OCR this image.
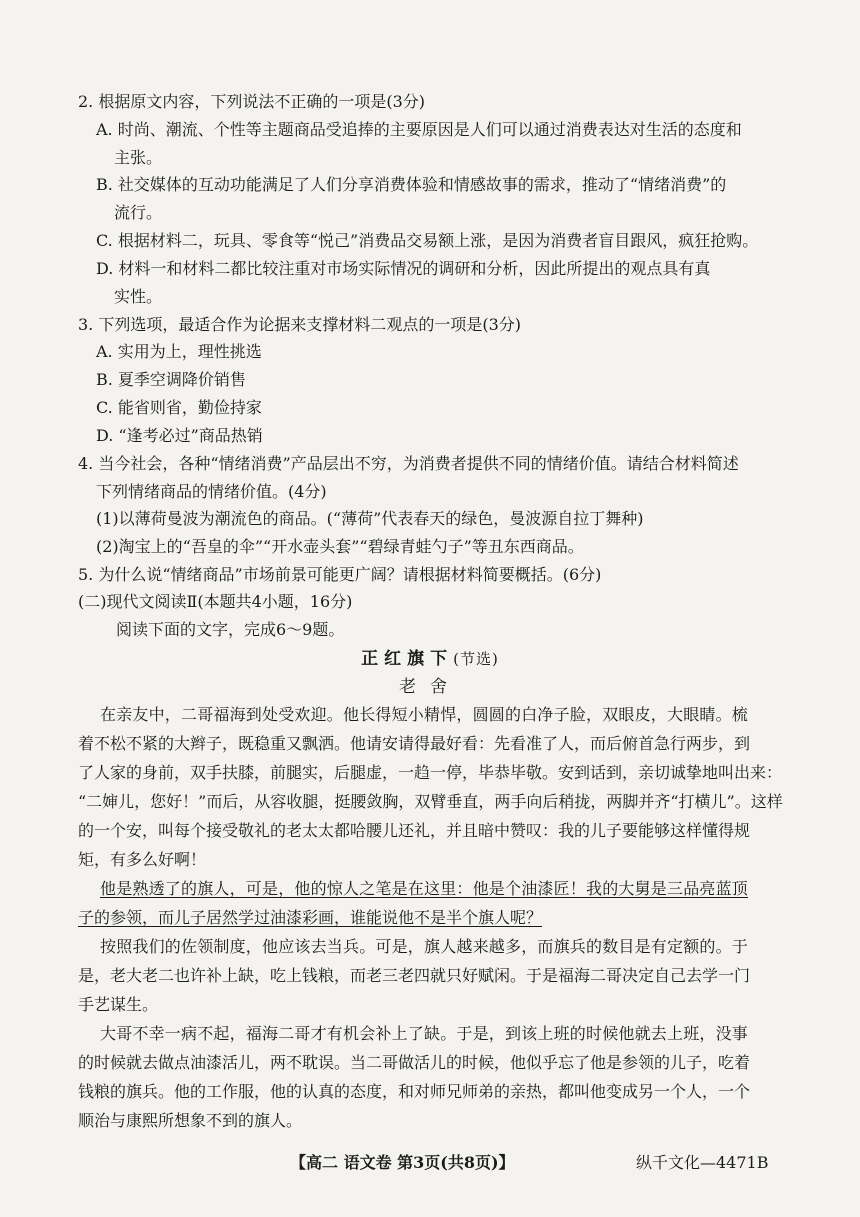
2. 根据原文内容，下列说法不正确的一项是(3分)
A. 时尚、潮流、个性等主题商品受追捧的主要原因是人们可以通过消费表达对生活的态度和
主张。
B. 社交媒体的互动功能满足了人们分享消费体验和情感故事的需求，推动了“情绪消费”的
流行。
C. 根据材料二，玩具、零食等“悦己”消费品交易额上涨，是因为消费者盲目跟风，疯狂抢购。
D. 材料一和材料二都比较注重对市场实际情况的调研和分析，因此所提出的观点具有真
实性。
3. 下列选项，最适合作为论据来支撑材料二观点的一项是(3分)
A. 实用为上，理性挑选
B. 夏季空调降价销售
C. 能省则省，勤俭持家
D. “逢考必过”商品热销
4. 当今社会，各种“情绪消费”产品层出不穷，为消费者提供不同的情绪价值。请结合材料简述
下列情绪商品的情绪价值。(4分)
(1)以薄荷曼波为潮流色的商品。(“薄荷”代表春天的绿色，曼波源自拉丁舞种)
(2)淘宝上的“吾皇的伞”“开水壶头套”“碧绿青蛙勺子”等丑东西商品。
5. 为什么说“情绪商品”市场前景可能更广阔？请根据材料简要概括。(6分)
(二)现代文阅读Ⅱ(本题共4小题，16分)
阅读下面的文字，完成6～9题。
正红旗下(节选)
老舍
在亲友中，二哥福海到处受欢迎。他长得短小精悍，圆圆的白净子脸，双眼皮，大眼睛。梳
着不松不紧的大辫子，既稳重又飘洒。他请安请得最好看：先看准了人，而后俯首急行两步，到
了人家的身前，双手扶膝，前腿实，后腿虚，一趋一停，毕恭毕敬。安到话到，亲切诚挚地叫出来：
“二婶儿，您好！”而后，从容收腿，挺腰敛胸，双臂垂直，两手向后稍拢，两脚并齐“打横儿”。这样
的一个安，叫每个接受敬礼的老太太都哈腰儿还礼，并且暗中赞叹：我的儿子要能够这样懂得规
矩，有多么好啊！
他是熟透了的旗人，可是，他的惊人之笔是在这里：他是个油漆匠！我的大舅是三品亮蓝顶
子的参领，而儿子居然学过油漆彩画，谁能说他不是半个旗人呢？
按照我们的佐领制度，他应该去当兵。可是，旗人越来越多，而旗兵的数目是有定额的。于
是，老大老二也许补上缺，吃上钱粮，而老三老四就只好赋闲。于是福海二哥决定自己去学一门
手艺谋生。
大哥不幸一病不起，福海二哥才有机会补上了缺。于是，到该上班的时候他就去上班，没事
的时候就去做点油漆活儿，两不耽误。当二哥做活儿的时候，他似乎忘了他是参领的儿子，吃着
钱粮的旗兵。他的工作服，他的认真的态度，和对师兄师弟的亲热，都叫他变成另一个人，一个
顺治与康熙所想象不到的旗人。
【高二 语文卷 第3页(共8页)】	纵千文化—4471B
